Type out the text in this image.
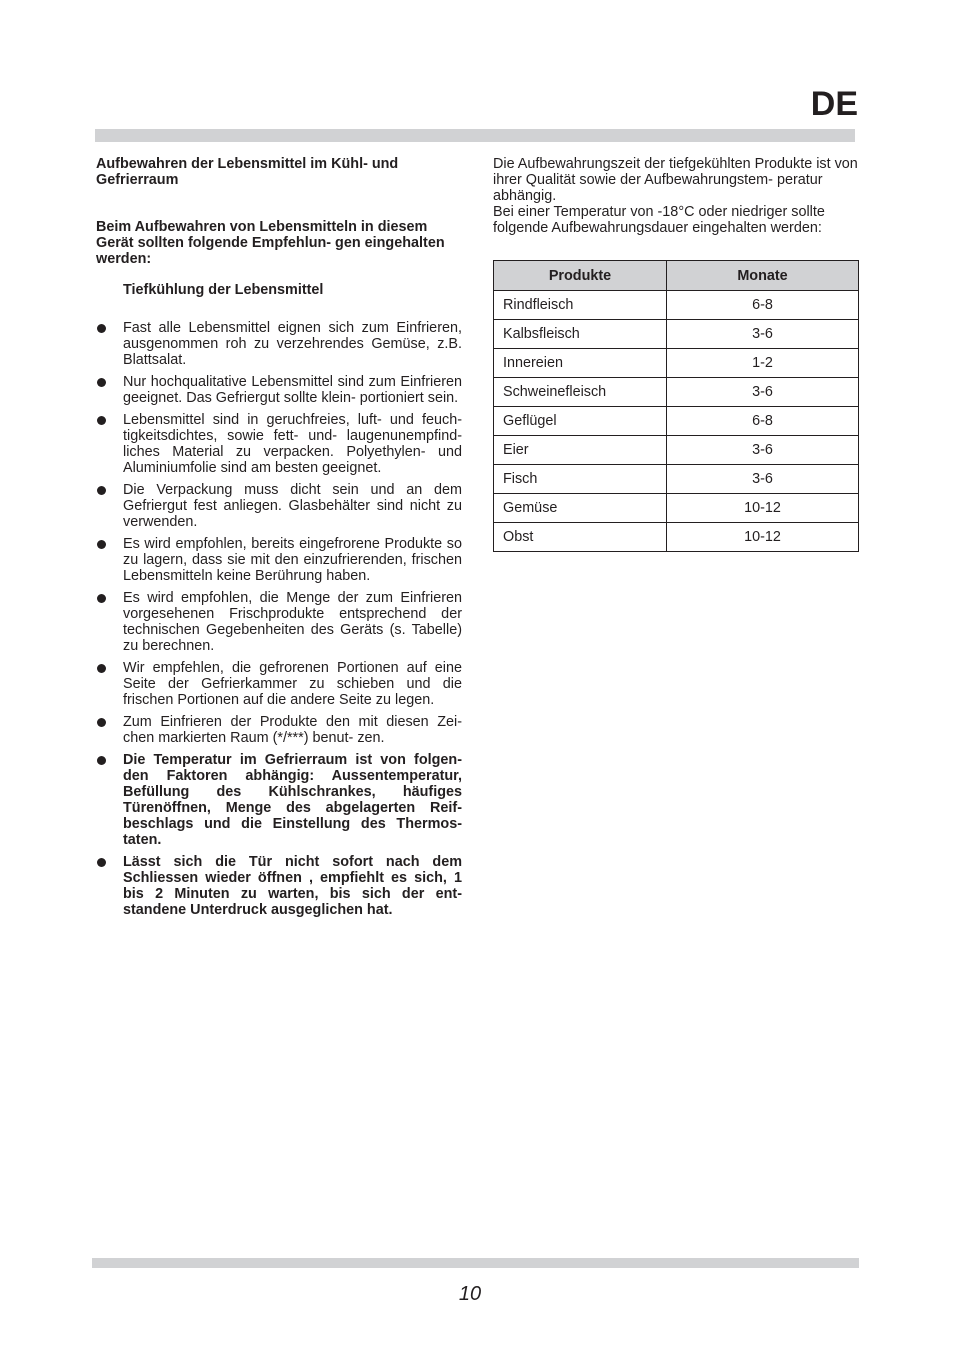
DE

Aufbewahren der Lebensmittel im Kühl- und Gefrierraum

Beim Aufbewahren von Lebensmitteln in diesem Gerät sollten folgende Empfehlun- gen eingehalten werden:

Tiefkühlung der Lebensmittel

Fast alle Lebensmittel eignen sich zum Einfrieren, ausgenommen roh zu verzehrendes Gemüse, z.B. Blattsalat.
Nur hochqualitative Lebensmittel sind zum Einfrieren geeignet. Das Gefriergut sollte klein- portioniert sein.
Lebensmittel sind in geruchfreies, luft- und feuch- tigkeitsdichtes, sowie fett- und- laugenunempfind- liches Material zu verpacken. Polyethylen- und Aluminiumfolie sind am besten geeignet.
Die Verpackung muss dicht sein und an dem Gefriergut fest anliegen. Glasbehälter sind nicht zu verwenden.
Es wird empfohlen, bereits eingefrorene Produkte so zu lagern, dass sie mit den einzufrierenden, frischen Lebensmitteln keine Berührung haben.
Es wird empfohlen, die Menge der zum Einfrieren vorgesehenen Frischprodukte entsprechend der technischen Gegebenheiten des Geräts (s. Tabelle) zu berechnen.
Wir empfehlen, die gefrorenen Portionen auf eine Seite der Gefrierkammer zu schieben und die frischen Portionen auf die andere Seite zu legen.
Zum Einfrieren der Produkte den mit diesen Zei- chen markierten Raum (*/***) benut- zen.
Die Temperatur im Gefrierraum ist von folgen- den Faktoren abhängig: Aussentemperatur, Befüllung des Kühlschrankes, häufiges Türenöffnen, Menge des abgelagerten Reif- beschlags und die Einstellung des Thermos- taten.
Lässt sich die Tür nicht sofort nach dem Schliessen wieder öffnen , empfiehlt es sich, 1 bis 2 Minuten zu warten, bis sich der ent- standene Unterdruck ausgeglichen hat.

Die Aufbewahrungszeit der tiefgekühlten Produkte ist von ihrer Qualität sowie der Aufbewahrungstem- peratur abhängig.

Bei einer Temperatur von -18°C oder niedriger sollte folgende Aufbewahrungsdauer eingehalten werden:

Produkte	Monate
Rindfleisch	6-8
Kalbsfleisch	3-6
Innereien	1-2
Schweinefleisch	3-6
Geflügel	6-8
Eier	3-6
Fisch	3-6
Gemüse	10-12
Obst	10-12
10
